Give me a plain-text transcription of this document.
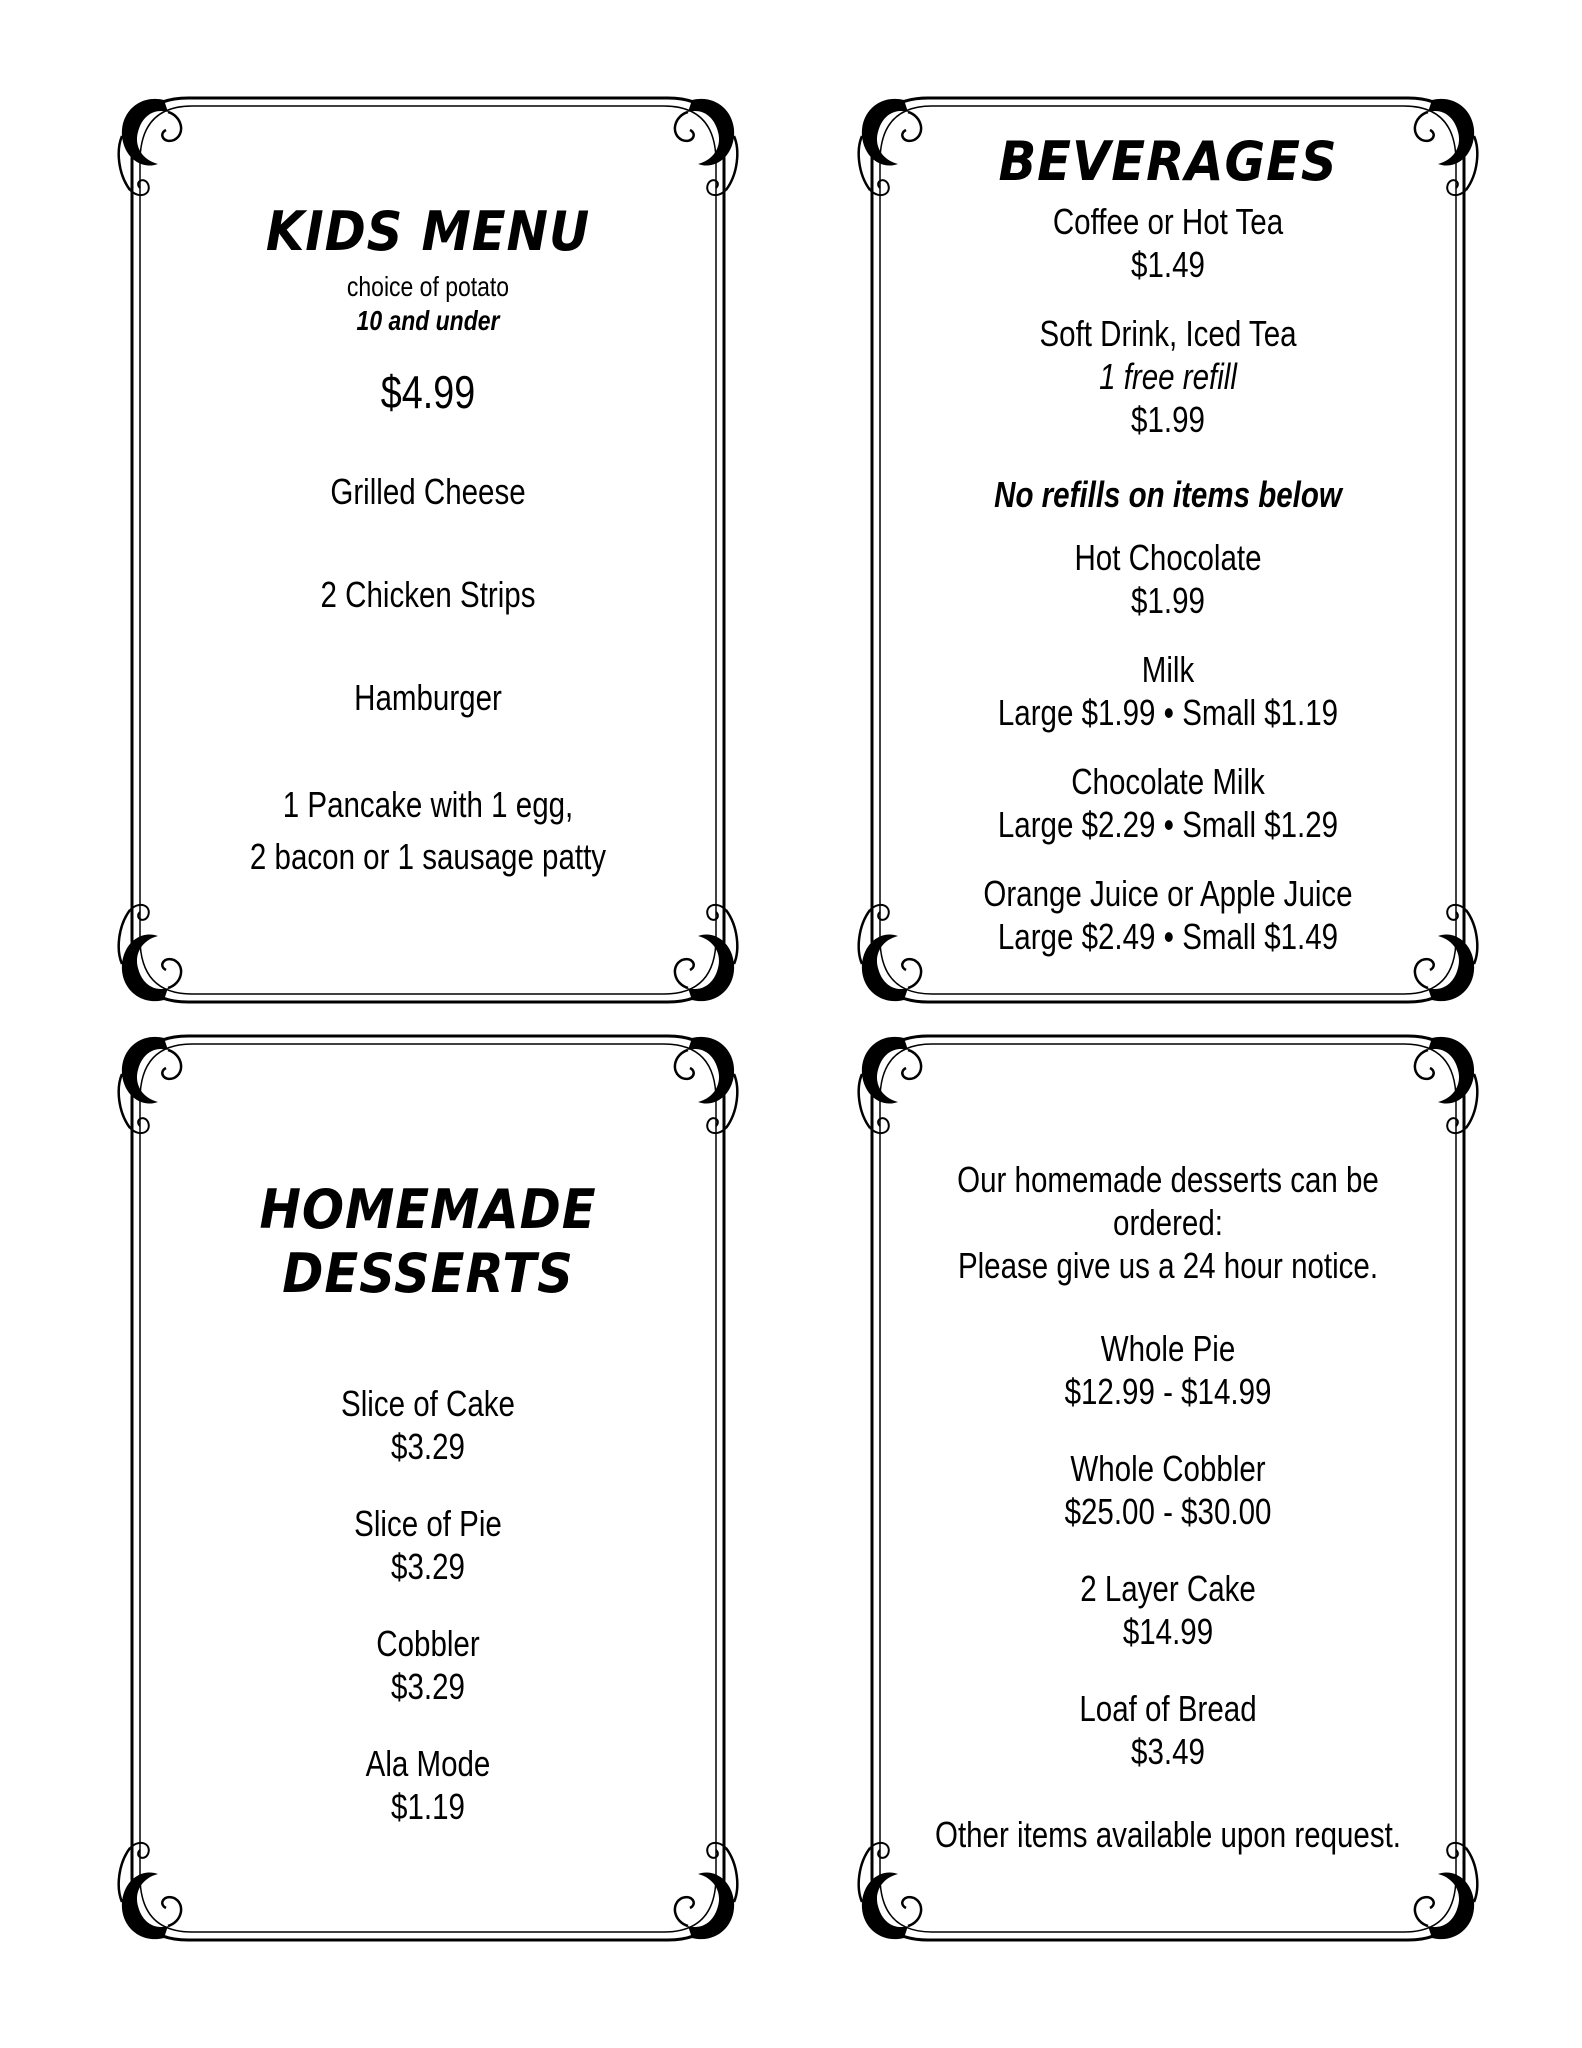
KIDS MENU
choice of potato
10 and under
$4.99
Grilled Cheese
2 Chicken Strips
Hamburger
1 Pancake with 1 egg,
2 bacon or 1 sausage patty
BEVERAGES
Coffee or Hot Tea
$1.49
Soft Drink, Iced Tea
1 free refill
$1.99
No refills on items below
Hot Chocolate
$1.99
Milk
Large $1.99 • Small $1.19
Chocolate Milk
Large $2.29 • Small $1.29
Orange Juice or Apple Juice
Large $2.49 • Small $1.49
HOMEMADE
DESSERTS
Slice of Cake
$3.29
Slice of Pie
$3.29
Cobbler
$3.29
Ala Mode
$1.19
Our homemade desserts can be ordered:
Please give us a 24 hour notice.
Whole Pie
$12.99 - $14.99
Whole Cobbler
$25.00 - $30.00
2 Layer Cake
$14.99
Loaf of Bread
$3.49
Other items available upon request.
